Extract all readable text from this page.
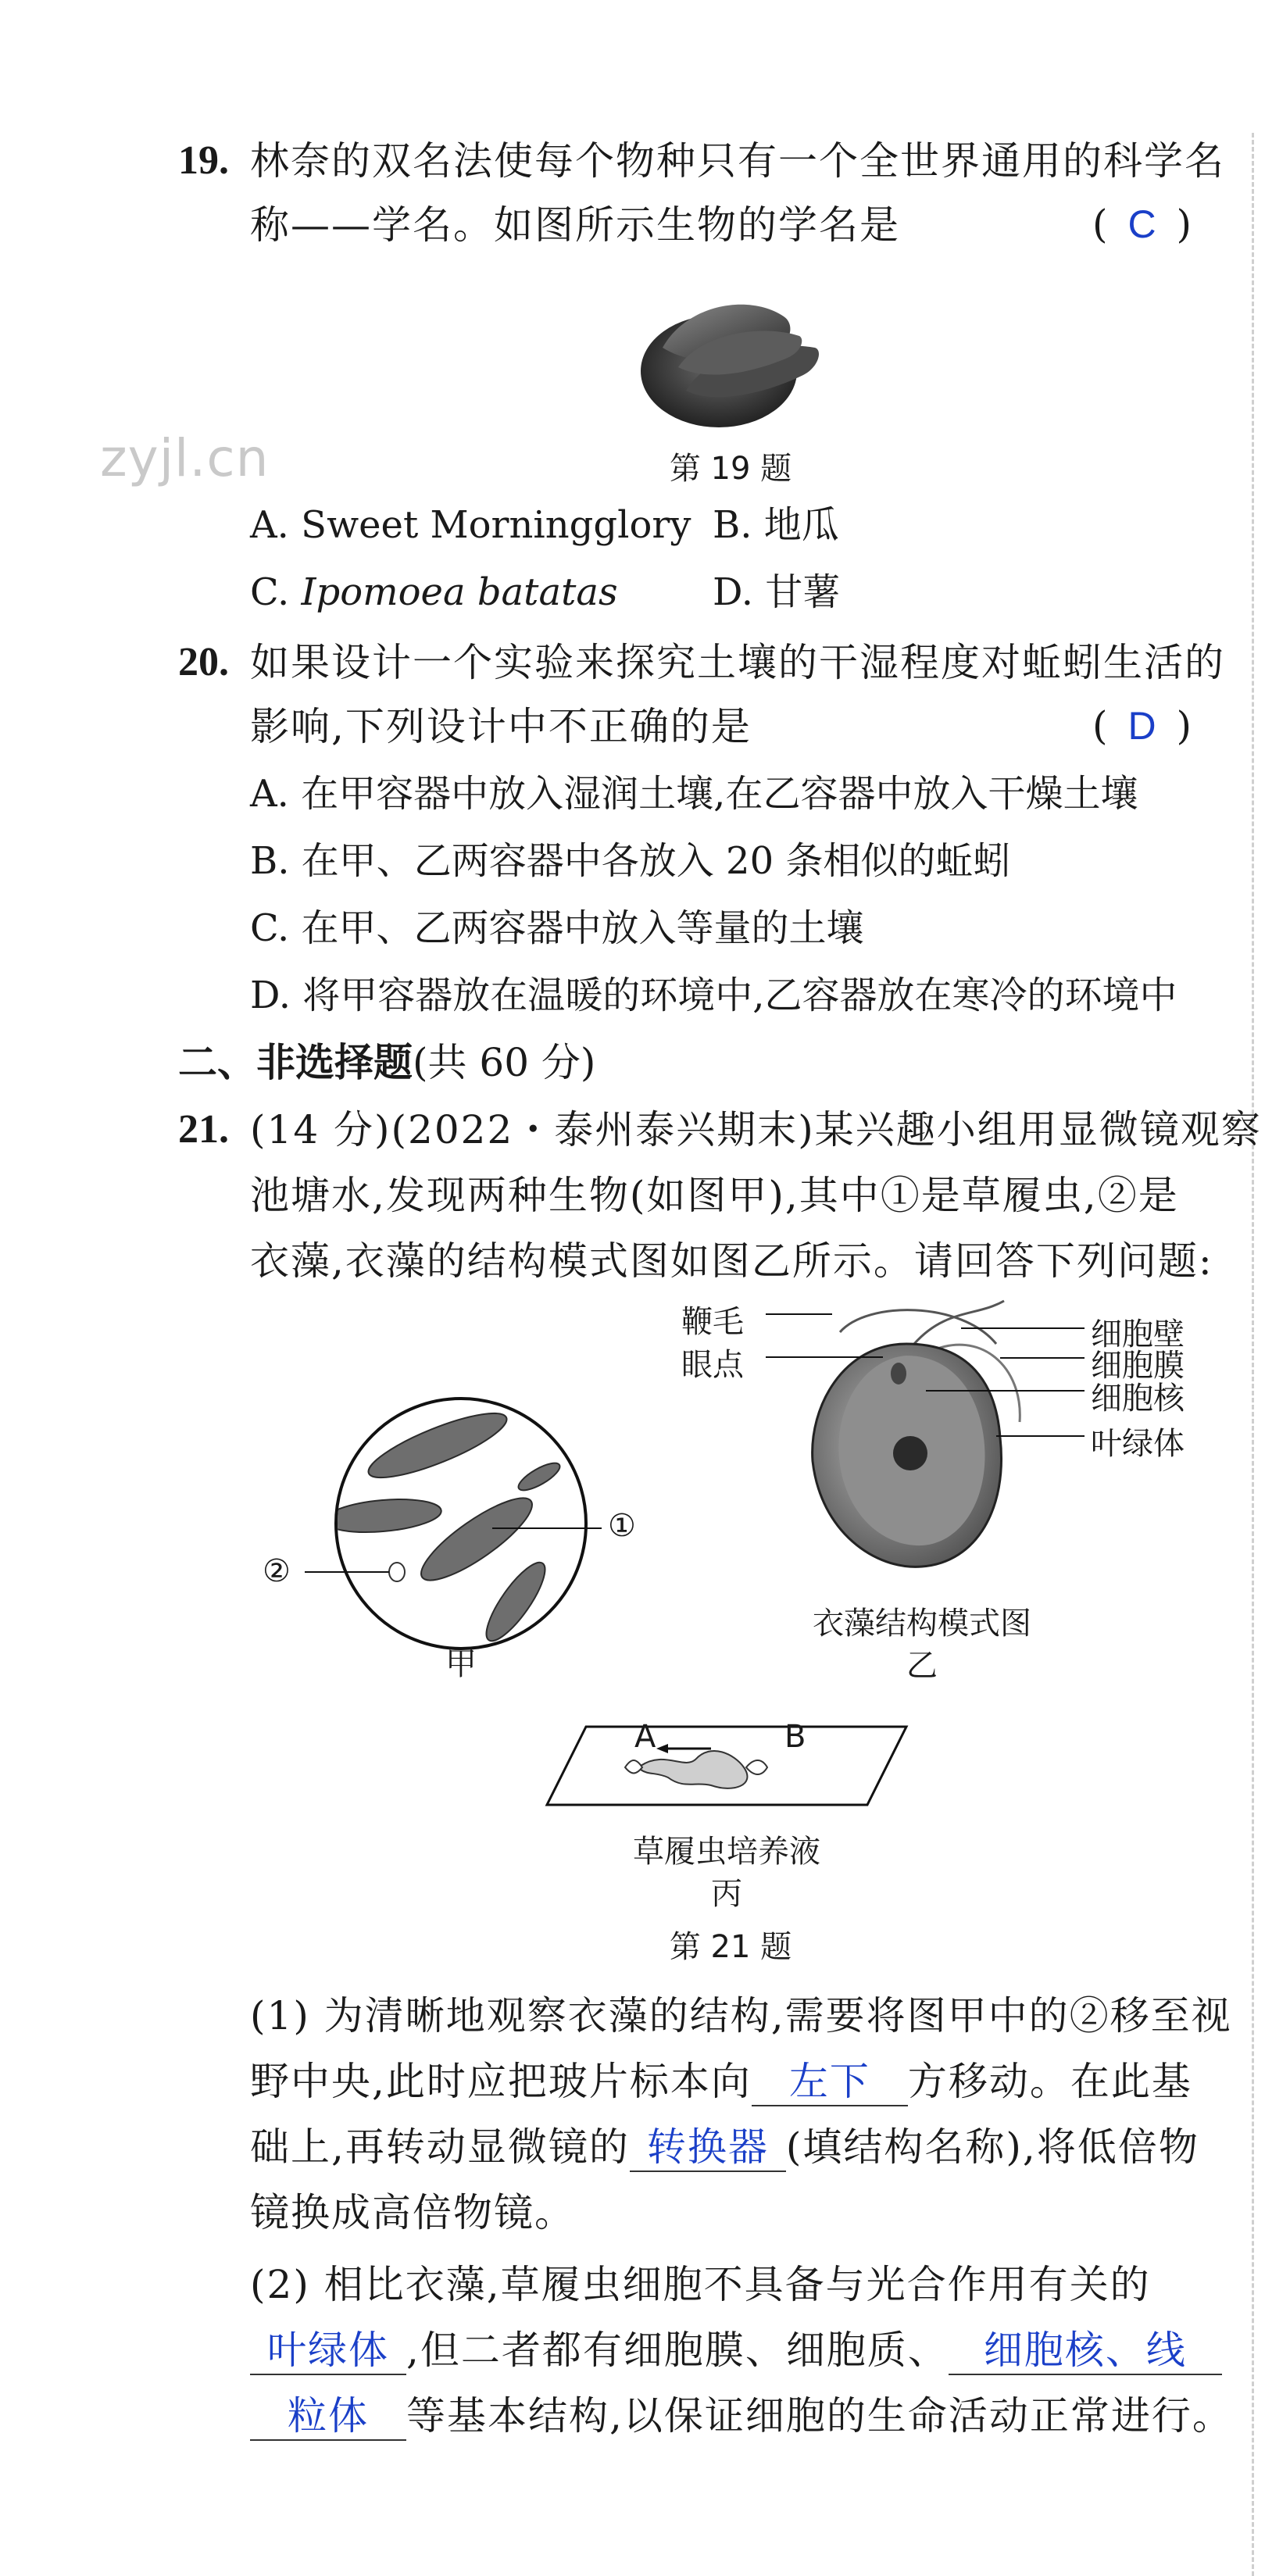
zyjl.cn
19. 林奈的双名法使每个物种只有一个全世界通用的科学名
称——学名。如图所示生物的学名是	( C )
第 19 题
A. Sweet Morningglory B. 地瓜
C. Ipomoea batatas	D. 甘薯
20. 如果设计一个实验来探究土壤的干湿程度对蚯蚓生活的
影响,下列设计中不正确的是	( D )
A. 在甲容器中放入湿润土壤,在乙容器中放入干燥土壤
B. 在甲、乙两容器中各放入 20 条相似的蚯蚓
C. 在甲、乙两容器中放入等量的土壤
D. 将甲容器放在温暖的环境中,乙容器放在寒冷的环境中
二、非选择题(共 60 分)
21. (14 分)(2022・泰州泰兴期末)某兴趣小组用显微镜观察
池塘水,发现两种生物(如图甲),其中①是草履虫,②是
衣藻,衣藻的结构模式图如图乙所示。请回答下列问题:
①
②
甲
鞭毛
眼点
细胞壁
细胞膜
细胞核
叶绿体
衣藻结构模式图
乙
A	B
草履虫培养液
丙
第 21 题
(1) 为清晰地观察衣藻的结构,需要将图甲中的②移至视
野中央,此时应把玻片标本向 左下 方移动。在此基
础上,再转动显微镜的 转换器 (填结构名称),将低倍物
镜换成高倍物镜。
(2) 相比衣藻,草履虫细胞不具备与光合作用有关的
叶绿体 ,但二者都有细胞膜、细胞质、 细胞核、线
粒体 等基本结构,以保证细胞的生命活动正常进行。
